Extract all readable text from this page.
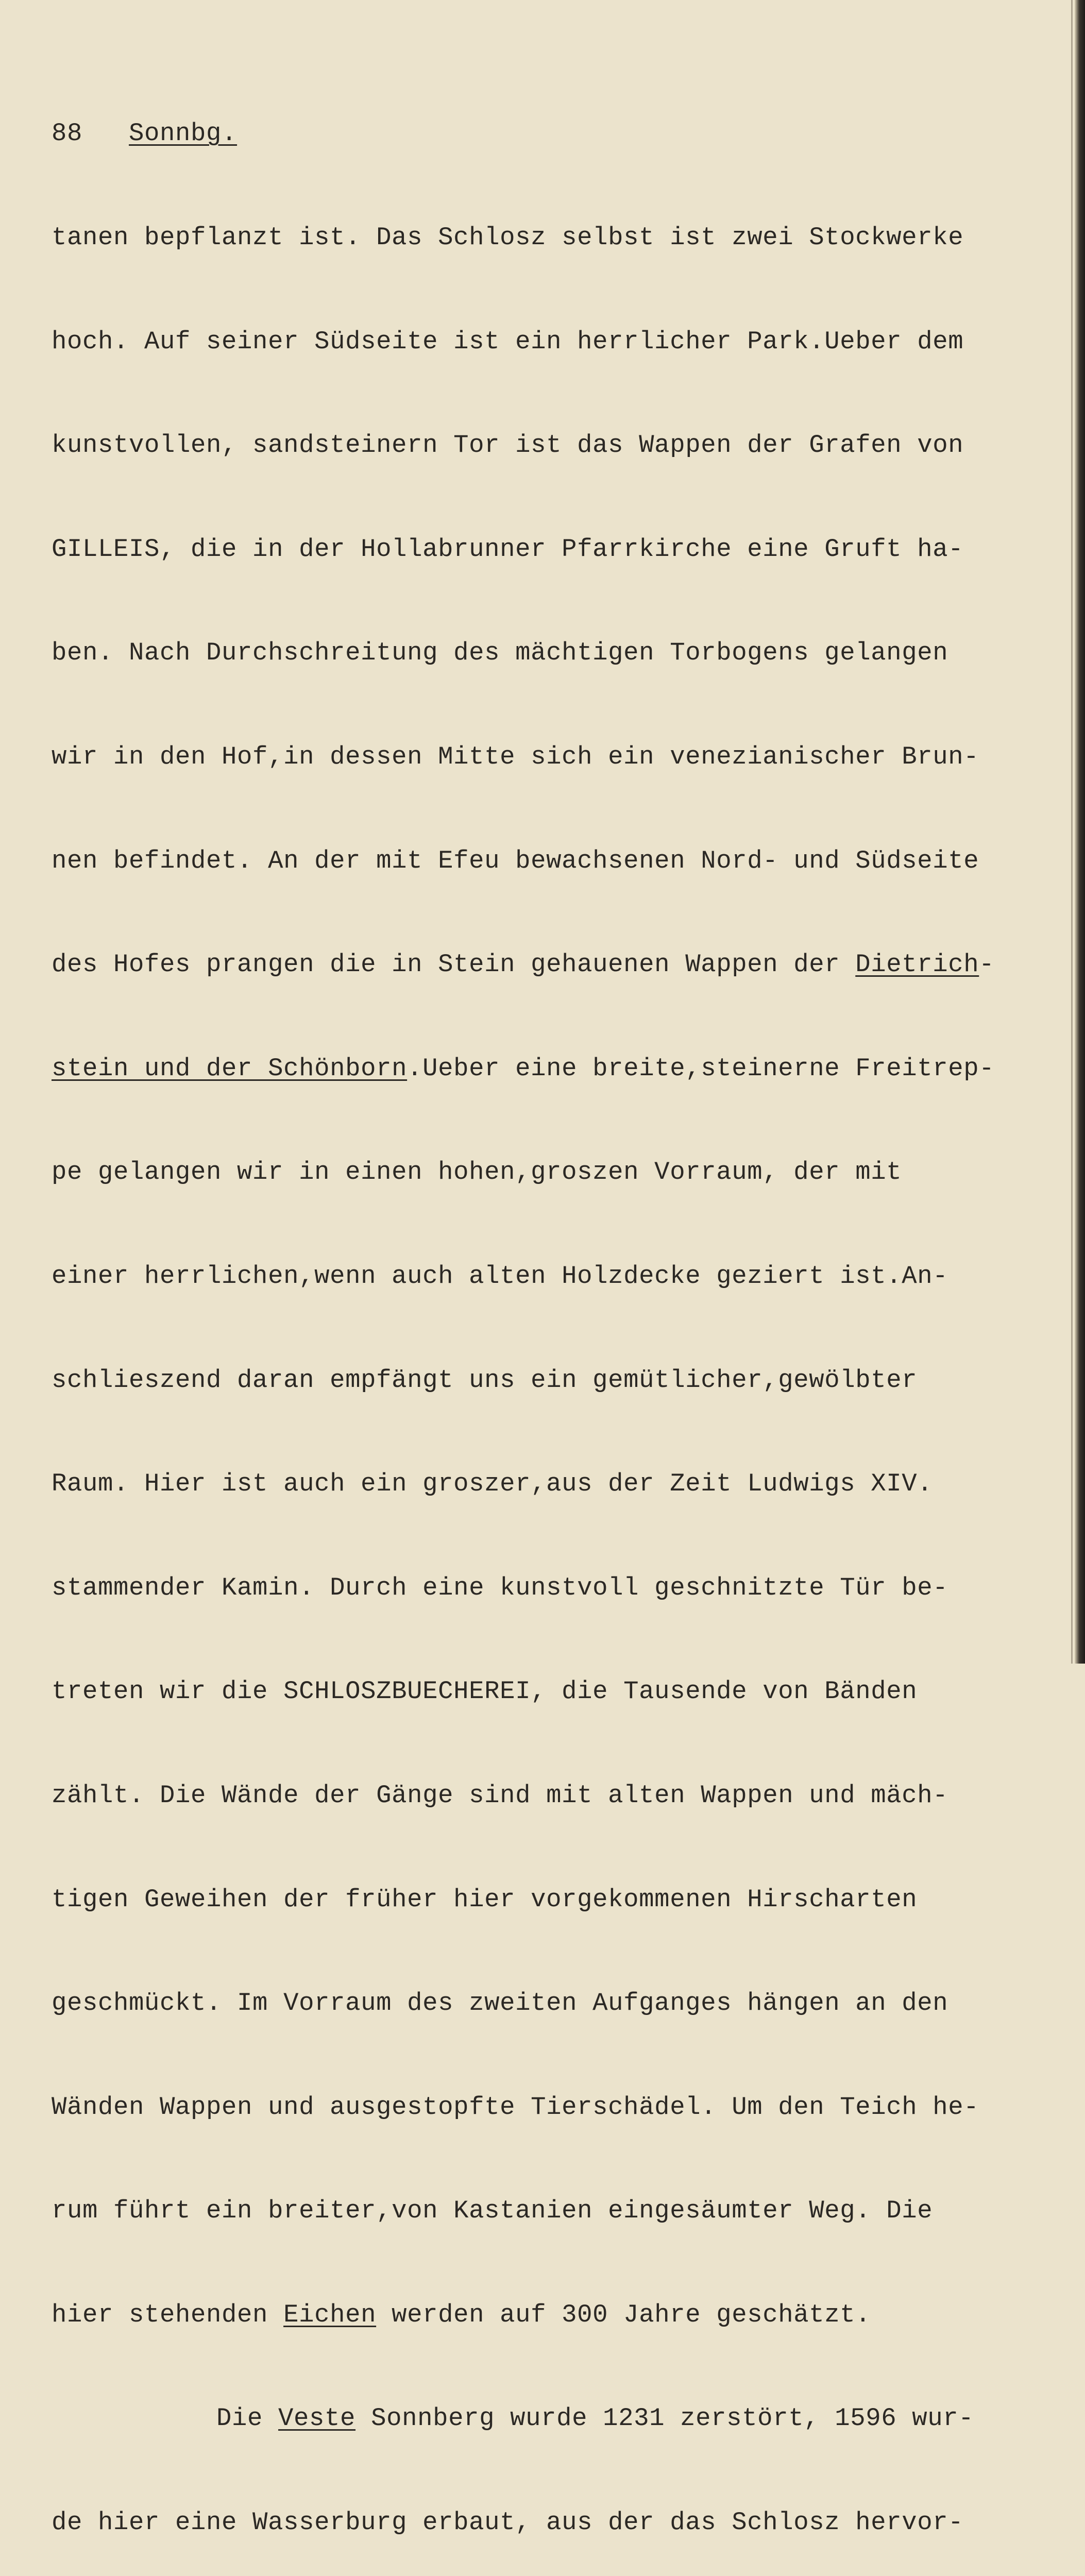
88 Sonnbg.

tanen bepflanzt ist. Das Schlosz selbst ist zwei Stockwerke

hoch. Auf seiner Südseite ist ein herrlicher Park.Ueber dem

kunstvollen, sandsteinern Tor ist das Wappen der Grafen von

GILLEIS, die in der Hollabrunner Pfarrkirche eine Gruft ha-

ben. Nach Durchschreitung des mächtigen Torbogens gelangen

wir in den Hof,in dessen Mitte sich ein venezianischer Brun-

nen befindet. An der mit Efeu bewachsenen Nord- und Südseite

des Hofes prangen die in Stein gehauenen Wappen der Dietrich-

stein und der Schönborn.Ueber eine breite,steinerne Freitrep-

pe gelangen wir in einen hohen,groszen Vorraum, der mit

einer herrlichen,wenn auch alten Holzdecke geziert ist.An-

schlieszend daran empfängt uns ein gemütlicher,gewölbter

Raum. Hier ist auch ein groszer,aus der Zeit Ludwigs XIV.

stammender Kamin. Durch eine kunstvoll geschnitzte Tür be-

treten wir die SCHLOSZBUECHEREI, die Tausende von Bänden

zählt. Die Wände der Gänge sind mit alten Wappen und mäch-

tigen Geweihen der früher hier vorgekommenen Hirscharten

geschmückt. Im Vorraum des zweiten Aufganges hängen an den

Wänden Wappen und ausgestopfte Tierschädel. Um den Teich he-

rum führt ein breiter,von Kastanien eingesäumter Weg. Die

hier stehenden Eichen werden auf 300 Jahre geschätzt.

Die Veste Sonnberg wurde 1231 zerstört, 1596 wur-

de hier eine Wasserburg erbaut, aus der das Schlosz hervor-
